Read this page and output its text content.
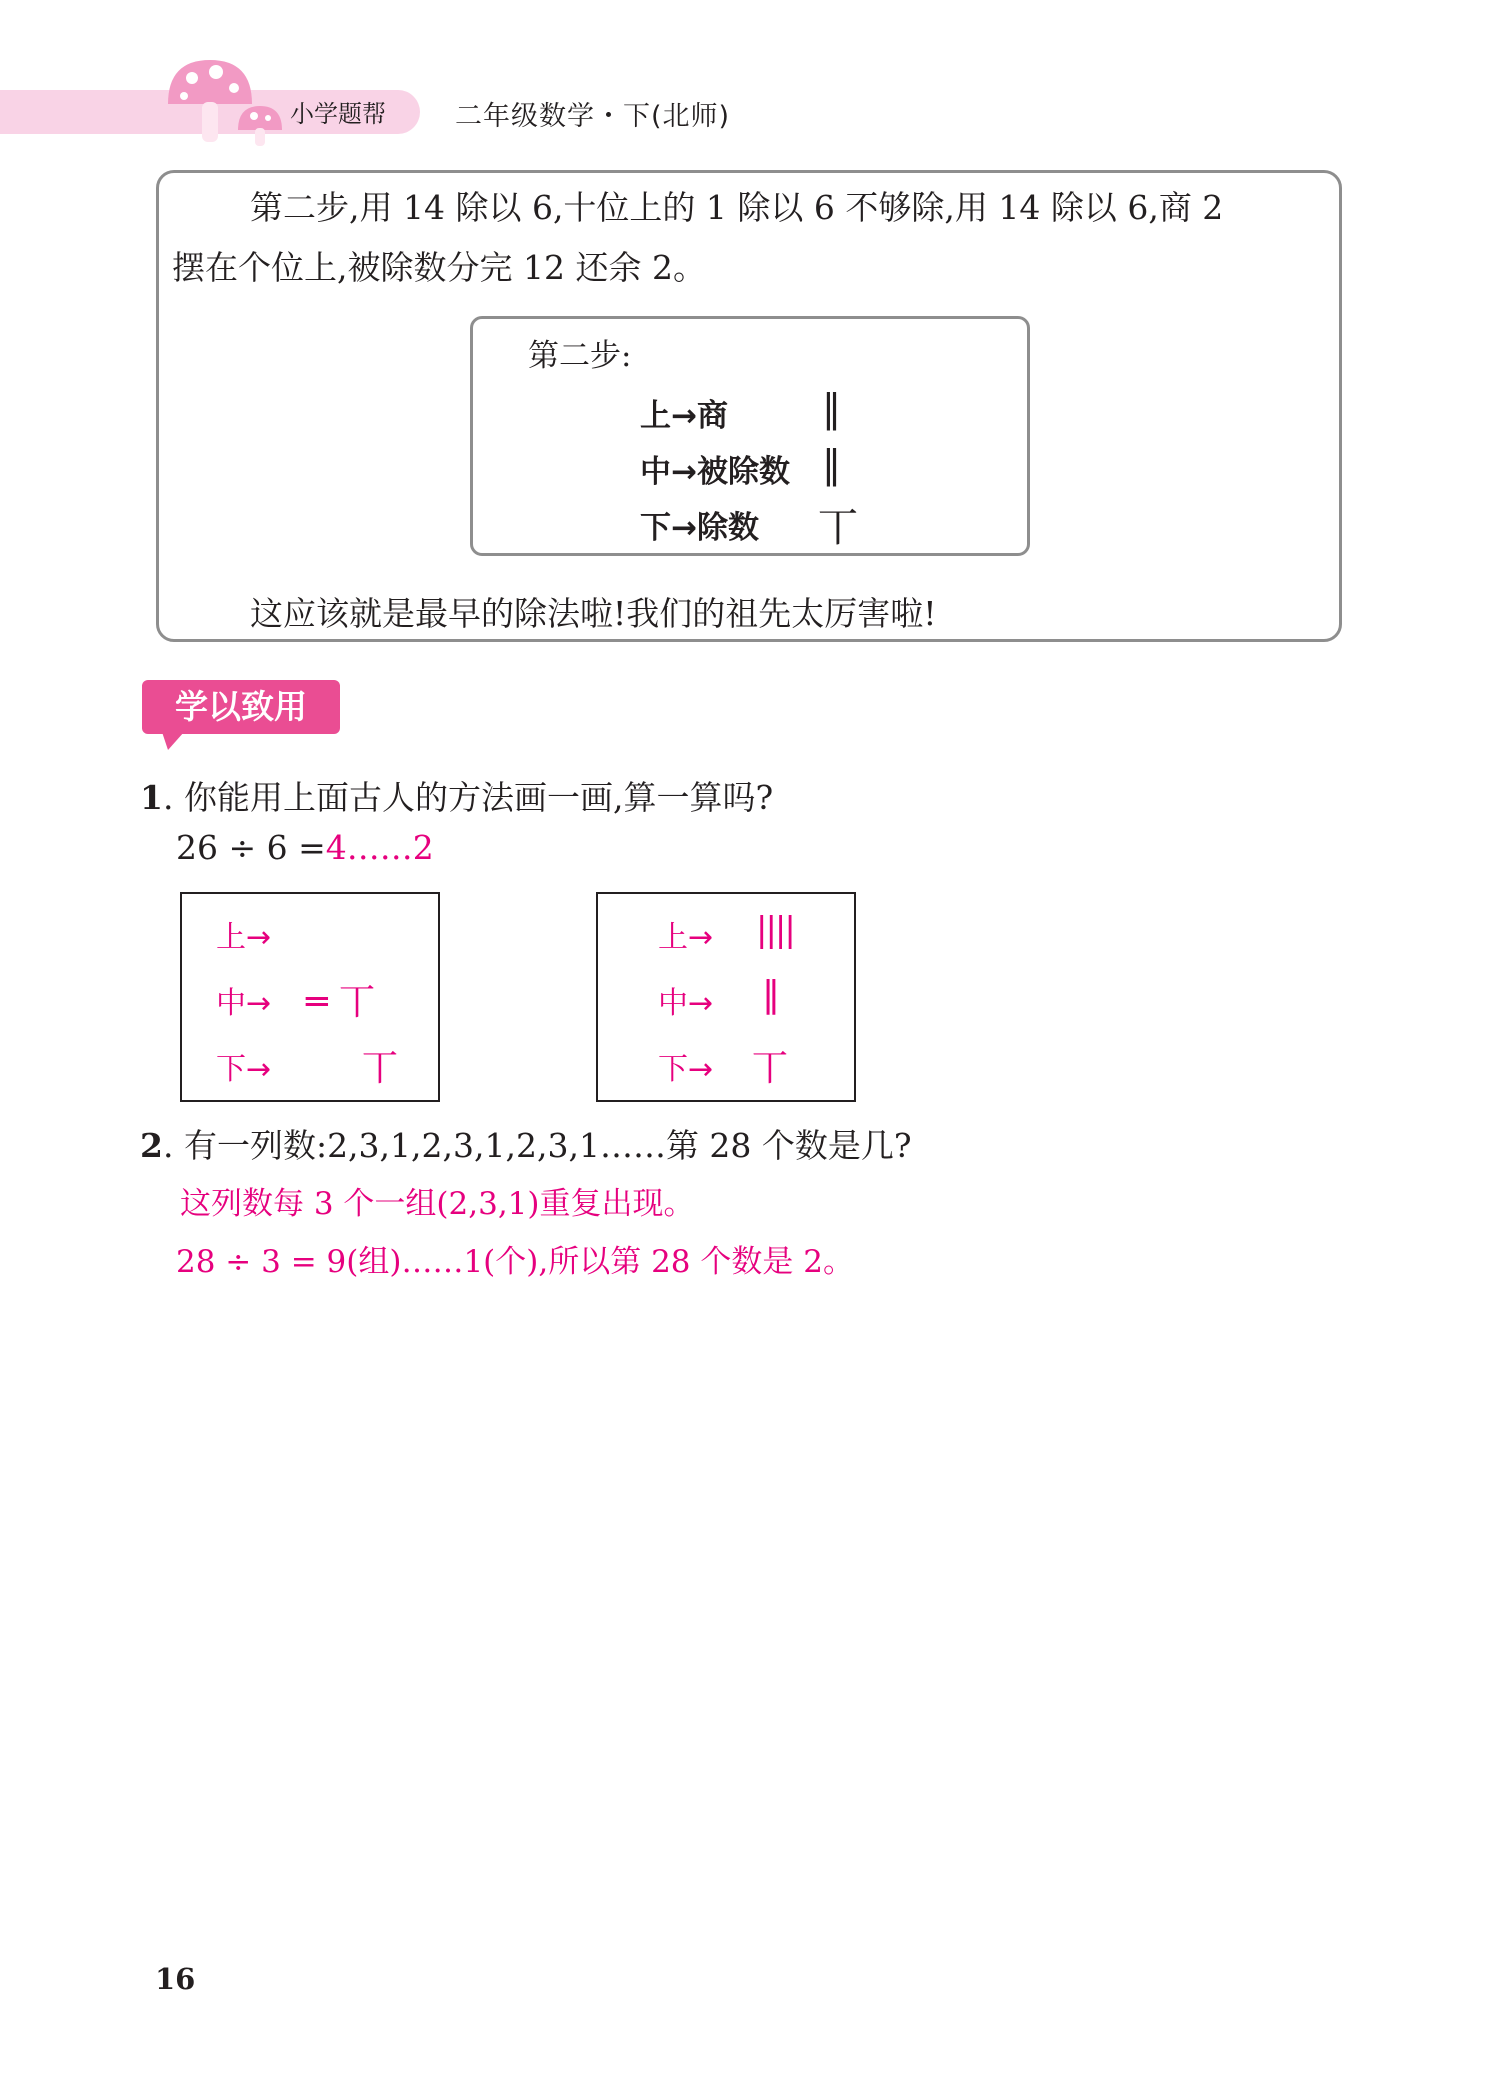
小学题帮	二年级数学・下(北师)
第二步,用 14 除以 6,十位上的 1 除以 6 不够除,用 14 除以 6,商 2
摆在个位上,被除数分完 12 还余 2。
第二步:
上→商 ‖
中→被除数 ‖
下→除数 丅
这应该就是最早的除法啦!我们的祖先太厉害啦!
学以致用
1. 你能用上面古人的方法画一画,算一算吗?
26 ÷ 6 =4……2
上→
中→ ═ 丅
下→	丅
上→ ||||
中→ ‖
下→ 丅
2. 有一列数:2,3,1,2,3,1,2,3,1……第 28 个数是几?
这列数每 3 个一组(2,3,1)重复出现。
28 ÷ 3 = 9(组)……1(个),所以第 28 个数是 2。
16
